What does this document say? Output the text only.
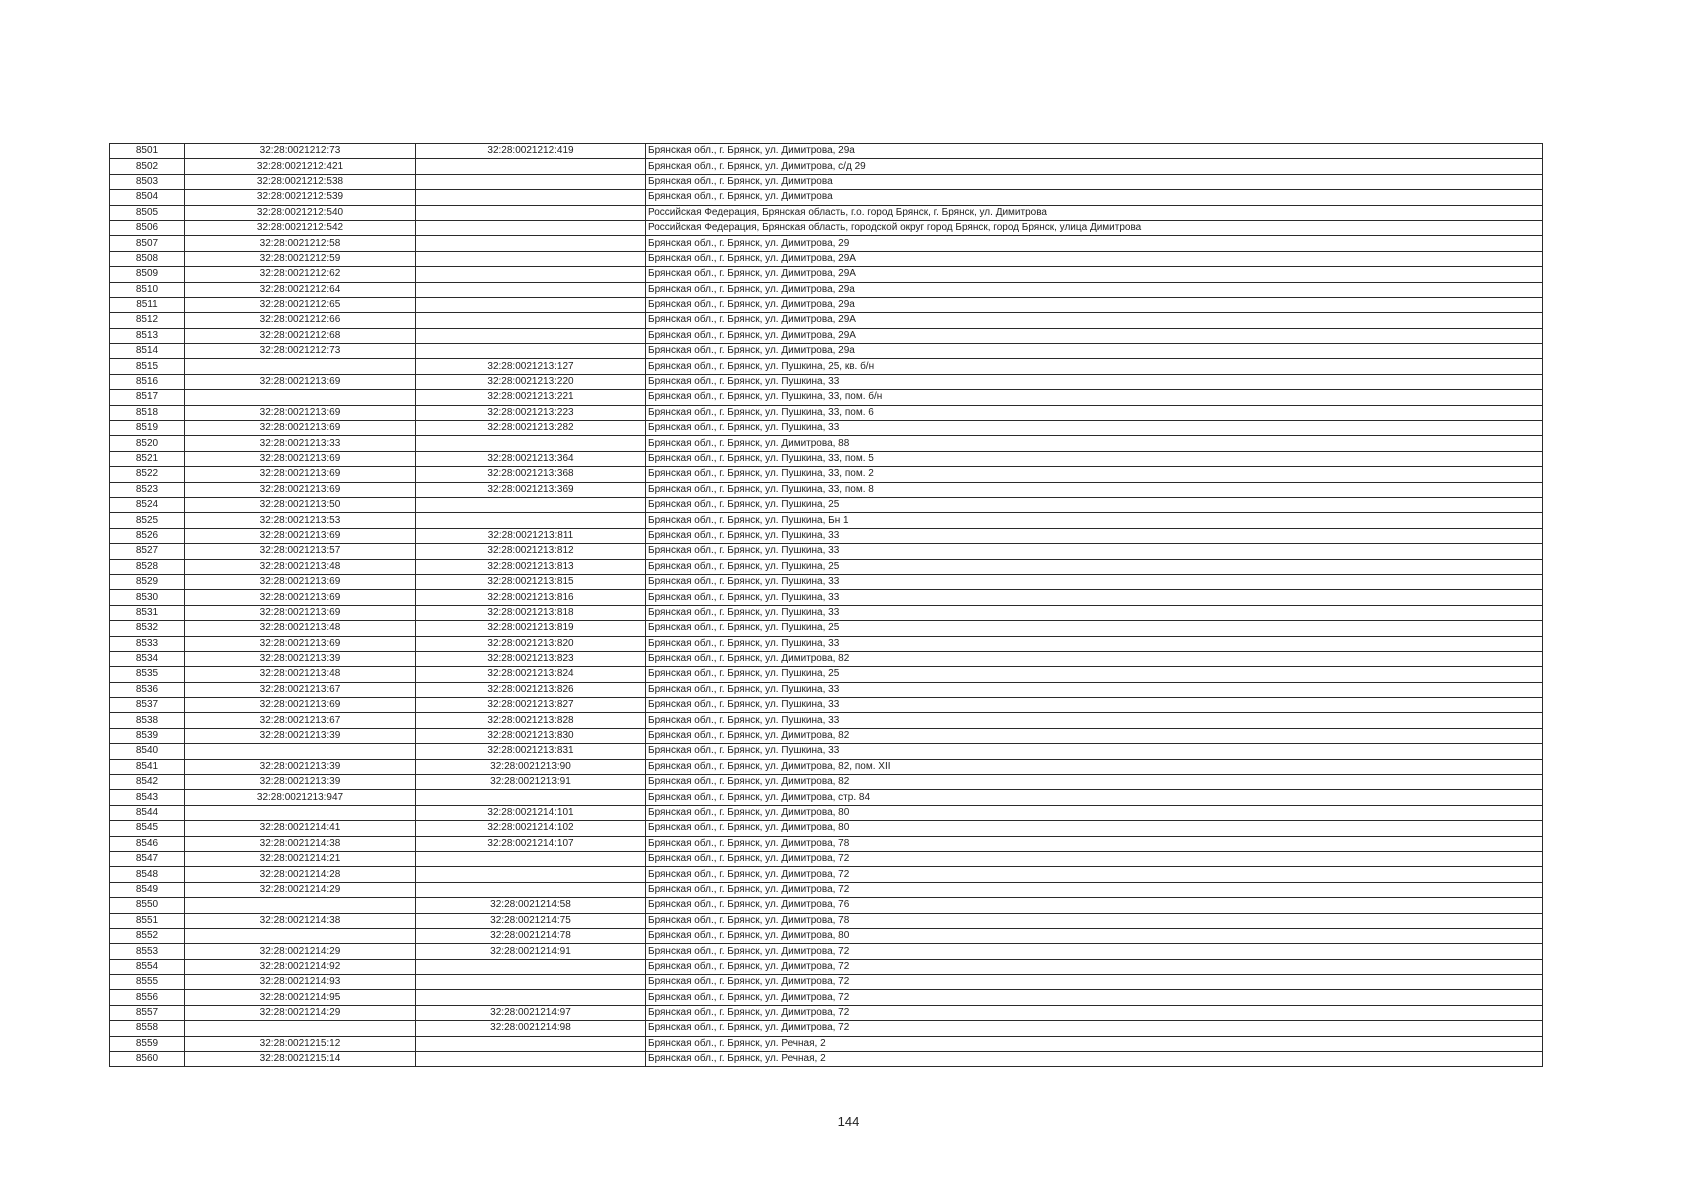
8501	32:28:0021212:73	32:28:0021212:419	Брянская обл., г. Брянск, ул. Димитрова, 29а
8502	32:28:0021212:421		Брянская обл., г. Брянск, ул. Димитрова, с/д 29
8503	32:28:0021212:538		Брянская обл., г. Брянск, ул. Димитрова
8504	32:28:0021212:539		Брянская обл., г. Брянск, ул. Димитрова
8505	32:28:0021212:540		Российская Федерация, Брянская область, г.о. город Брянск, г. Брянск, ул. Димитрова
8506	32:28:0021212:542		Российская Федерация, Брянская область, городской округ город Брянск, город Брянск, улица Димитрова
8507	32:28:0021212:58		Брянская обл., г. Брянск, ул. Димитрова, 29
8508	32:28:0021212:59		Брянская обл., г. Брянск, ул. Димитрова, 29А
8509	32:28:0021212:62		Брянская обл., г. Брянск, ул. Димитрова, 29А
8510	32:28:0021212:64		Брянская обл., г. Брянск, ул. Димитрова, 29а
8511	32:28:0021212:65		Брянская обл., г. Брянск, ул. Димитрова, 29а
8512	32:28:0021212:66		Брянская обл., г. Брянск, ул. Димитрова, 29А
8513	32:28:0021212:68		Брянская обл., г. Брянск, ул. Димитрова, 29А
8514	32:28:0021212:73		Брянская обл., г. Брянск, ул. Димитрова, 29а
8515		32:28:0021213:127	Брянская обл., г. Брянск, ул. Пушкина, 25, кв. б/н
8516	32:28:0021213:69	32:28:0021213:220	Брянская обл., г. Брянск, ул. Пушкина, 33
8517		32:28:0021213:221	Брянская обл., г. Брянск, ул. Пушкина, 33, пом. б/н
8518	32:28:0021213:69	32:28:0021213:223	Брянская обл., г. Брянск, ул. Пушкина, 33, пом. 6
8519	32:28:0021213:69	32:28:0021213:282	Брянская обл., г. Брянск, ул. Пушкина, 33
8520	32:28:0021213:33		Брянская обл., г. Брянск, ул. Димитрова, 88
8521	32:28:0021213:69	32:28:0021213:364	Брянская обл., г. Брянск, ул. Пушкина, 33, пом. 5
8522	32:28:0021213:69	32:28:0021213:368	Брянская обл., г. Брянск, ул. Пушкина, 33, пом. 2
8523	32:28:0021213:69	32:28:0021213:369	Брянская обл., г. Брянск, ул. Пушкина, 33, пом. 8
8524	32:28:0021213:50		Брянская обл., г. Брянск, ул. Пушкина, 25
8525	32:28:0021213:53		Брянская обл., г. Брянск, ул. Пушкина, Бн 1
8526	32:28:0021213:69	32:28:0021213:811	Брянская обл., г. Брянск, ул. Пушкина, 33
8527	32:28:0021213:57	32:28:0021213:812	Брянская обл., г. Брянск, ул. Пушкина, 33
8528	32:28:0021213:48	32:28:0021213:813	Брянская обл., г. Брянск, ул. Пушкина, 25
8529	32:28:0021213:69	32:28:0021213:815	Брянская обл., г. Брянск, ул. Пушкина, 33
8530	32:28:0021213:69	32:28:0021213:816	Брянская обл., г. Брянск, ул. Пушкина, 33
8531	32:28:0021213:69	32:28:0021213:818	Брянская обл., г. Брянск, ул. Пушкина, 33
8532	32:28:0021213:48	32:28:0021213:819	Брянская обл., г. Брянск, ул. Пушкина, 25
8533	32:28:0021213:69	32:28:0021213:820	Брянская обл., г. Брянск, ул. Пушкина, 33
8534	32:28:0021213:39	32:28:0021213:823	Брянская обл., г. Брянск, ул. Димитрова, 82
8535	32:28:0021213:48	32:28:0021213:824	Брянская обл., г. Брянск, ул. Пушкина, 25
8536	32:28:0021213:67	32:28:0021213:826	Брянская обл., г. Брянск, ул. Пушкина, 33
8537	32:28:0021213:69	32:28:0021213:827	Брянская обл., г. Брянск, ул. Пушкина, 33
8538	32:28:0021213:67	32:28:0021213:828	Брянская обл., г. Брянск, ул. Пушкина, 33
8539	32:28:0021213:39	32:28:0021213:830	Брянская обл., г. Брянск, ул. Димитрова, 82
8540		32:28:0021213:831	Брянская обл., г. Брянск, ул. Пушкина, 33
8541	32:28:0021213:39	32:28:0021213:90	Брянская обл., г. Брянск, ул. Димитрова, 82, пом. XII
8542	32:28:0021213:39	32:28:0021213:91	Брянская обл., г. Брянск, ул. Димитрова, 82
8543	32:28:0021213:947		Брянская обл., г. Брянск, ул. Димитрова, стр. 84
8544		32:28:0021214:101	Брянская обл., г. Брянск, ул. Димитрова, 80
8545	32:28:0021214:41	32:28:0021214:102	Брянская обл., г. Брянск, ул. Димитрова, 80
8546	32:28:0021214:38	32:28:0021214:107	Брянская обл., г. Брянск, ул. Димитрова, 78
8547	32:28:0021214:21		Брянская обл., г. Брянск, ул. Димитрова, 72
8548	32:28:0021214:28		Брянская обл., г. Брянск, ул. Димитрова, 72
8549	32:28:0021214:29		Брянская обл., г. Брянск, ул. Димитрова, 72
8550		32:28:0021214:58	Брянская обл., г. Брянск, ул. Димитрова, 76
8551	32:28:0021214:38	32:28:0021214:75	Брянская обл., г. Брянск, ул. Димитрова, 78
8552		32:28:0021214:78	Брянская обл., г. Брянск, ул. Димитрова, 80
8553	32:28:0021214:29	32:28:0021214:91	Брянская обл., г. Брянск, ул. Димитрова, 72
8554	32:28:0021214:92		Брянская обл., г. Брянск, ул. Димитрова, 72
8555	32:28:0021214:93		Брянская обл., г. Брянск, ул. Димитрова, 72
8556	32:28:0021214:95		Брянская обл., г. Брянск, ул. Димитрова, 72
8557	32:28:0021214:29	32:28:0021214:97	Брянская обл., г. Брянск, ул. Димитрова, 72
8558		32:28:0021214:98	Брянская обл., г. Брянск, ул. Димитрова, 72
8559	32:28:0021215:12		Брянская обл., г. Брянск, ул. Речная, 2
8560	32:28:0021215:14		Брянская обл., г. Брянск, ул. Речная, 2
144
